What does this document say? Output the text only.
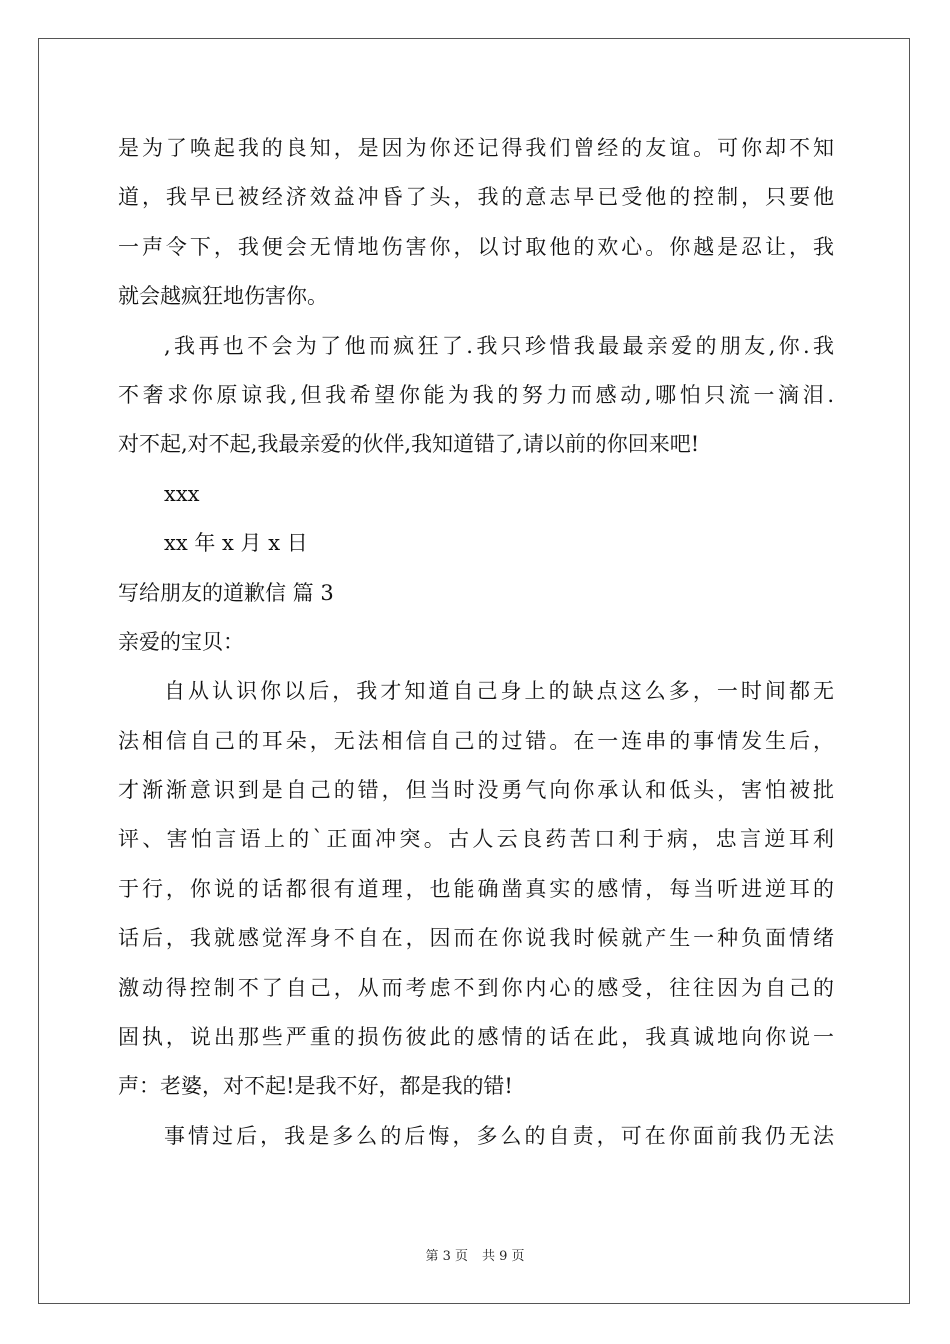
是为了唤起我的良知，是因为你还记得我们曾经的友谊。可你却不知
道，我早已被经济效益冲昏了头，我的意志早已受他的控制，只要他
一声令下，我便会无情地伤害你，以讨取他的欢心。你越是忍让，我
就会越疯狂地伤害你。
,我再也不会为了他而疯狂了.我只珍惜我最最亲爱的朋友,你.我
不奢求你原谅我,但我希望你能为我的努力而感动,哪怕只流一滴泪.
对不起,对不起,我最亲爱的伙伴,我知道错了,请以前的你回来吧!
xxx
xx 年 x 月 x 日
写给朋友的道歉信 篇 3
亲爱的宝贝：
自从认识你以后，我才知道自己身上的缺点这么多，一时间都无
法相信自己的耳朵，无法相信自己的过错。在一连串的事情发生后，
才渐渐意识到是自己的错，但当时没勇气向你承认和低头，害怕被批
评、害怕言语上的`正面冲突。古人云良药苦口利于病，忠言逆耳利
于行，你说的话都很有道理，也能确凿真实的感情，每当听进逆耳的
话后，我就感觉浑身不自在，因而在你说我时候就产生一种负面情绪
激动得控制不了自己，从而考虑不到你内心的感受，往往因为自己的
固执，说出那些严重的损伤彼此的感情的话在此，我真诚地向你说一
声：老婆，对不起!是我不好，都是我的错!
事情过后，我是多么的后悔，多么的自责，可在你面前我仍无法
第 3 页 共 9 页
